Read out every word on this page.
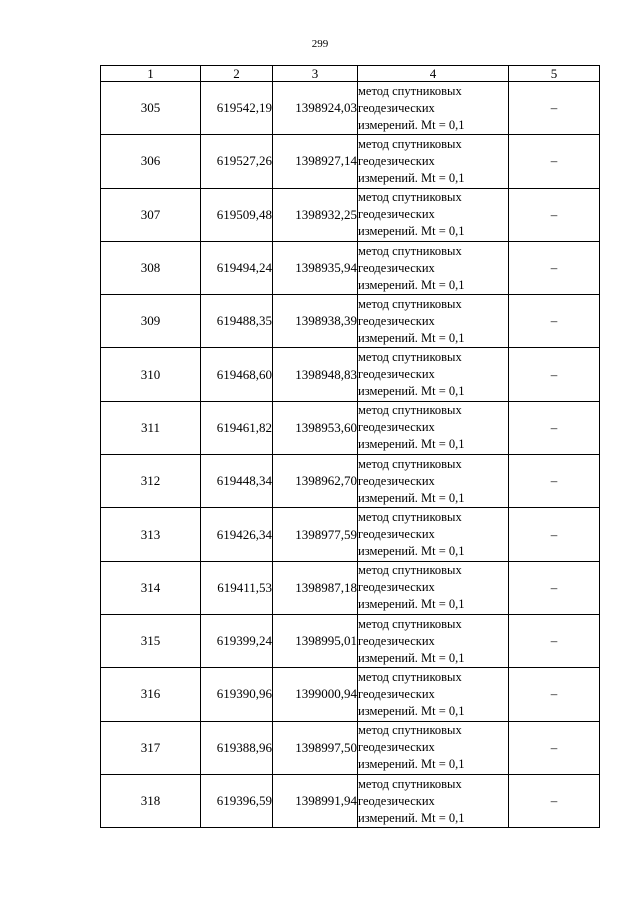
299
1	2	3	4	5
305	619542,19	1398924,03	метод спутниковых
геодезических
измерений. Mt = 0,1	–
306	619527,26	1398927,14	метод спутниковых
геодезических
измерений. Mt = 0,1	–
307	619509,48	1398932,25	метод спутниковых
геодезических
измерений. Mt = 0,1	–
308	619494,24	1398935,94	метод спутниковых
геодезических
измерений. Mt = 0,1	–
309	619488,35	1398938,39	метод спутниковых
геодезических
измерений. Mt = 0,1	–
310	619468,60	1398948,83	метод спутниковых
геодезических
измерений. Mt = 0,1	–
311	619461,82	1398953,60	метод спутниковых
геодезических
измерений. Mt = 0,1	–
312	619448,34	1398962,70	метод спутниковых
геодезических
измерений. Mt = 0,1	–
313	619426,34	1398977,59	метод спутниковых
геодезических
измерений. Mt = 0,1	–
314	619411,53	1398987,18	метод спутниковых
геодезических
измерений. Mt = 0,1	–
315	619399,24	1398995,01	метод спутниковых
геодезических
измерений. Mt = 0,1	–
316	619390,96	1399000,94	метод спутниковых
геодезических
измерений. Mt = 0,1	–
317	619388,96	1398997,50	метод спутниковых
геодезических
измерений. Mt = 0,1	–
318	619396,59	1398991,94	метод спутниковых
геодезических
измерений. Mt = 0,1	–
